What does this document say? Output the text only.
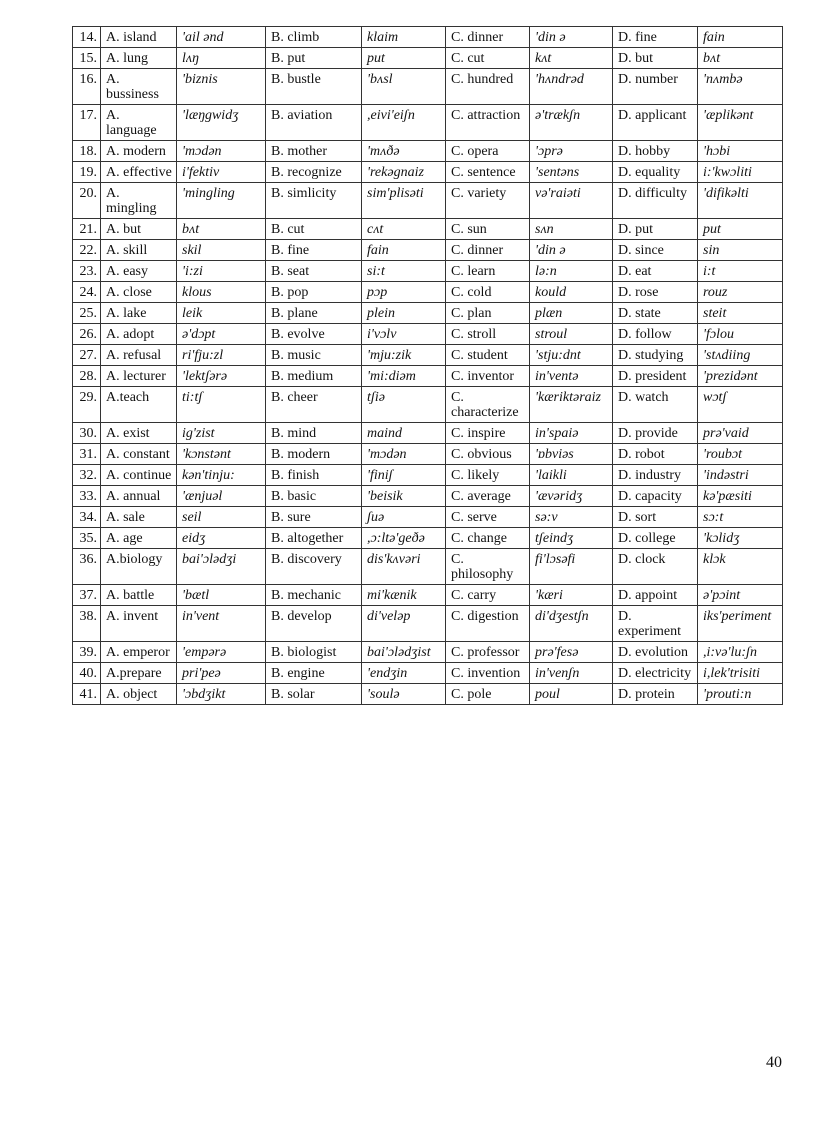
14.	A. island	'ail ənd	B. climb	klaim	C. dinner	'din ə	D. fine	fain
15.	A. lung	lʌŋ	B. put	put	C. cut	kʌt	D. but	bʌt
16.	A. bussiness	'biznis	B. bustle	'bʌsl	C. hundred	'hʌndrəd	D. number	'nʌmbə
17.	A. language	'læŋgwidʒ	B. aviation	,eivi'eiʃn	C. attraction	ə'trækʃn	D. applicant	'æplikənt
18.	A. modern	'mɔdən	B. mother	'mʌðə	C. opera	'ɔprə	D. hobby	'hɔbi
19.	A. effective	i'fektiv	B. recognize	'rekəgnaiz	C. sentence	'sentəns	D. equality	i:'kwɔliti
20.	A. mingling	'mingling	B. simlicity	sim'plisəti	C. variety	və'raiəti	D. difficulty	'difikəlti
21.	A. but	bʌt	B. cut	cʌt	C. sun	sʌn	D. put	put
22.	A. skill	skil	B. fine	fain	C. dinner	'din ə	D. since	sin
23.	A. easy	'i:zi	B. seat	si:t	C. learn	lə:n	D. eat	i:t
24.	A. close	klous	B. pop	pɔp	C. cold	kould	D. rose	rouz
25.	A. lake	leik	B. plane	plein	C. plan	plæn	D. state	steit
26.	A. adopt	ə'dɔpt	B. evolve	i'vɔlv	C. stroll	stroul	D. follow	'fɔlou
27.	A. refusal	ri'fju:zl	B. music	'mju:zik	C. student	'stju:dnt	D. studying	'stʌdiing
28.	A. lecturer	'lektʃərə	B. medium	'mi:diəm	C. inventor	in'ventə	D. president	'prezidənt
29.	A.teach	ti:tʃ	B. cheer	tʃiə	C. characterize	'kæriktəraiz	D. watch	wɔtʃ
30.	A. exist	ig'zist	B. mind	maind	C. inspire	in'spaiə	D. provide	prə'vaid
31.	A. constant	'kɔnstənt	B. modern	'mɔdən	C. obvious	'ɒbviəs	D. robot	'roubɔt
32.	A. continue	kən'tinju:	B. finish	'finiʃ	C. likely	'laikli	D. industry	'indəstri
33.	A. annual	'ænjuəl	B. basic	'beisik	C. average	'ævəridʒ	D. capacity	kə'pæsiti
34.	A. sale	seil	B. sure	ʃuə	C. serve	sə:v	D. sort	sɔ:t
35.	A. age	eidʒ	B. altogether	,ɔ:ltə'geðə	C. change	tʃeindʒ	D. college	'kɔlidʒ
36.	A.biology	bai'ɔlədʒi	B. discovery	dis'kʌvəri	C. philosophy	fi'lɔsəfi	D. clock	klɔk
37.	A. battle	'bætl	B. mechanic	mi'kænik	C. carry	'kæri	D. appoint	ə'pɔint
38.	A. invent	in'vent	B. develop	di'veləp	C. digestion	di'dʒestʃn	D. experiment	iks'periment
39.	A. emperor	'empərə	B. biologist	bai'ɔlədʒist	C. professor	prə'fesə	D. evolution	,i:və'lu:ʃn
40.	A.prepare	pri'peə	B. engine	'endʒin	C. invention	in'venʃn	D. electricity	i,lek'trisiti
41.	A. object	'ɔbdʒikt	B. solar	'soulə	C. pole	poul	D. protein	'prouti:n
40
